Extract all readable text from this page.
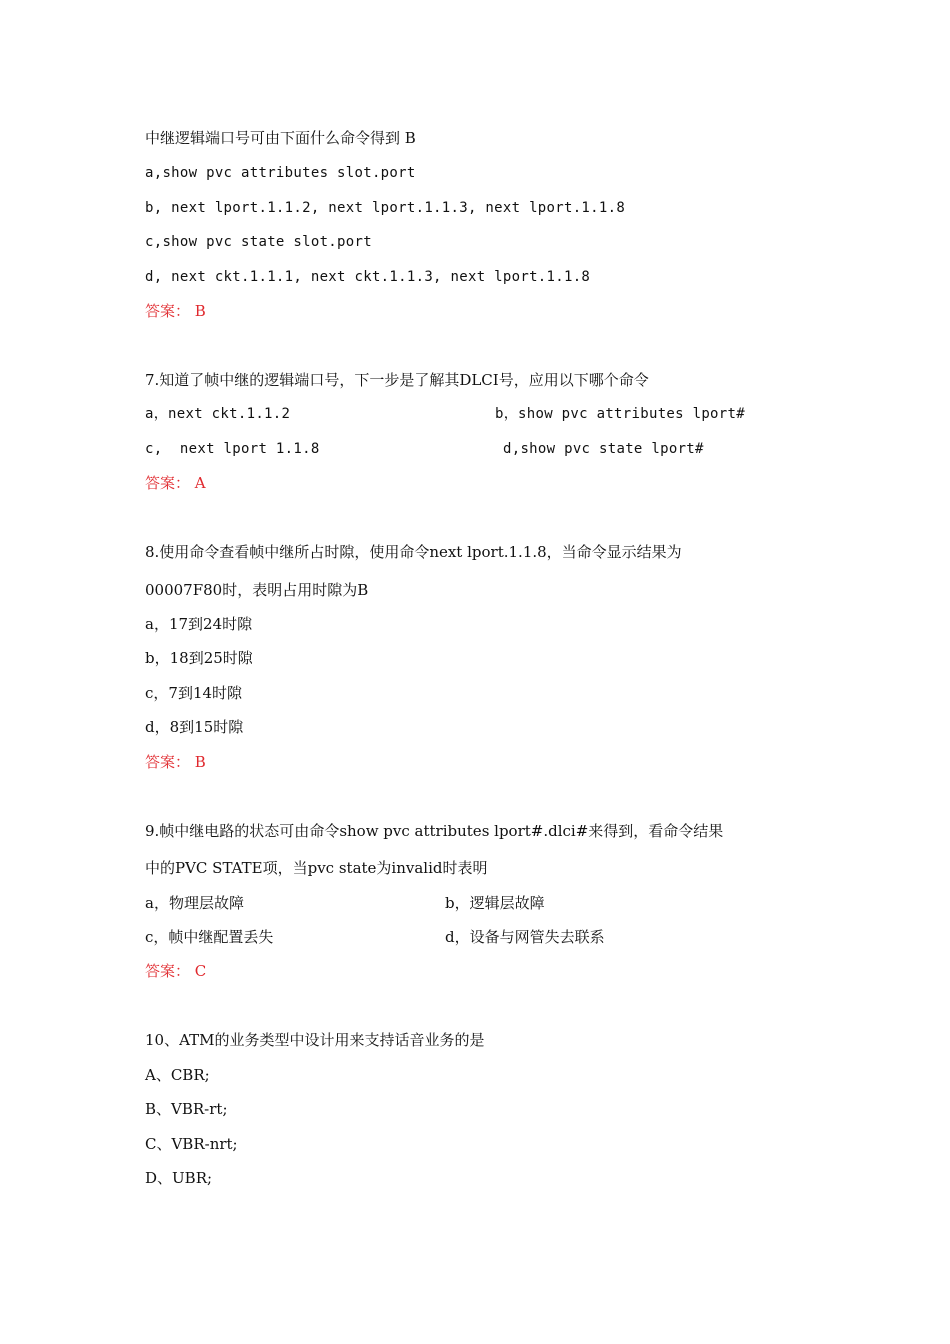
中继逻辑端口号可由下面什么命令得到 B
a,show pvc attributes slot.port
b, next lport.1.1.2, next lport.1.1.3, next lport.1.1.8
c,show pvc state slot.port
d, next ckt.1.1.1, next ckt.1.1.3, next lport.1.1.8
答案： B
7.知道了帧中继的逻辑端口号，下一步是了解其DLCI号，应用以下哪个命令
a，next ckt.1.1.2	b，show pvc attributes lport#
c,  next lport 1.1.8	d,show pvc state lport#
答案： A
8.使用命令查看帧中继所占时隙，使用命令next lport.1.1.8，当命令显示结果为
00007F80时，表明占用时隙为B
a，17到24时隙
b，18到25时隙
c，7到14时隙
d，8到15时隙
答案： B
9.帧中继电路的状态可由命令show pvc attributes lport#.dlci#来得到，看命令结果
中的PVC STATE项，当pvc state为invalid时表明
a，物理层故障	b，逻辑层故障
c，帧中继配置丢失	d，设备与网管失去联系
答案： C
10、ATM的业务类型中设计用来支持话音业务的是
A、CBR;
B、VBR-rt;
C、VBR-nrt;
D、UBR;
